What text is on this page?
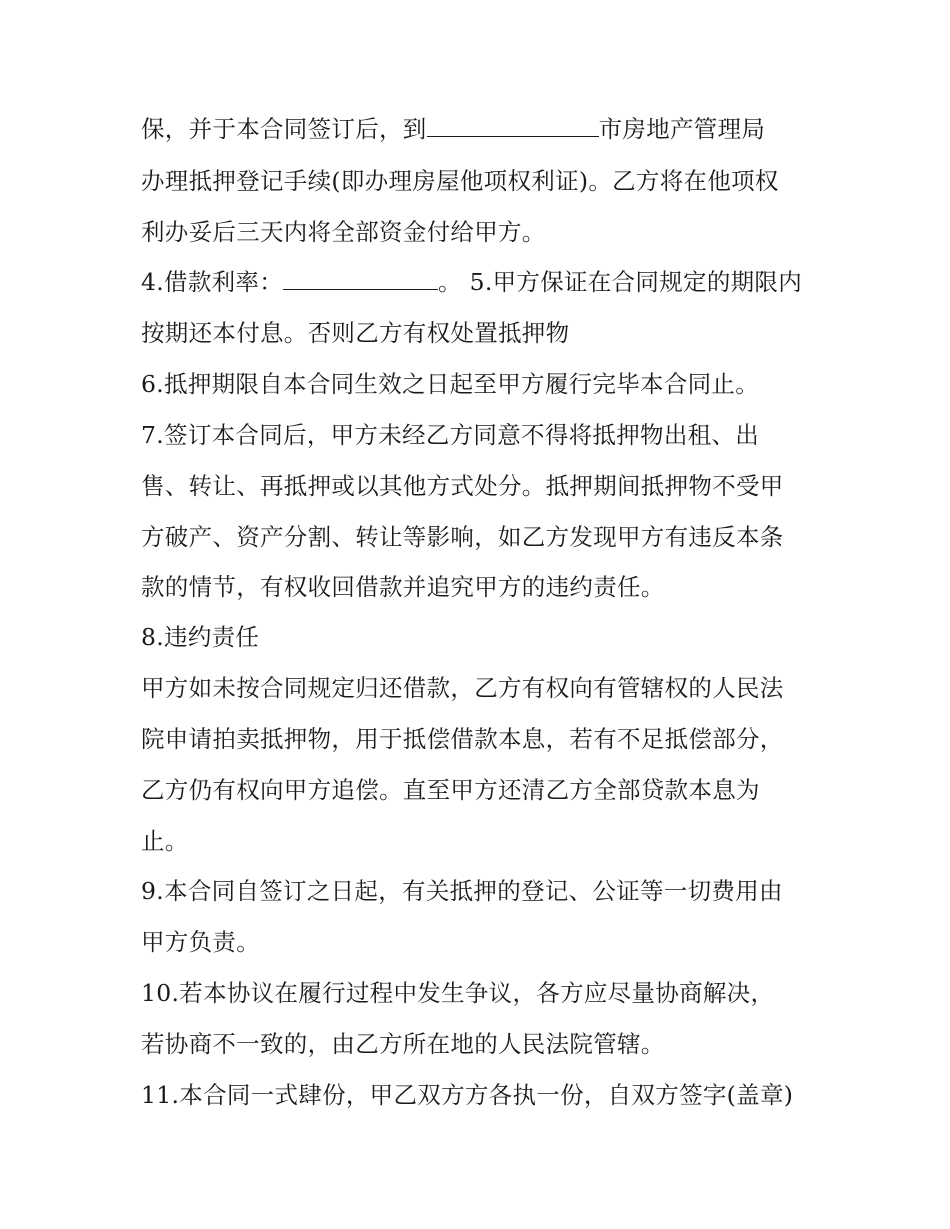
保，并于本合同签订后，到	市房地产管理局

办理抵押登记手续(即办理房屋他项权利证)。乙方将在他项权

利办妥后三天内将全部资金付给甲方。

4.借款利率：	。 5.甲方保证在合同规定的期限内

按期还本付息。否则乙方有权处置抵押物

6.抵押期限自本合同生效之日起至甲方履行完毕本合同止。

7.签订本合同后，甲方未经乙方同意不得将抵押物出租、出

售、转让、再抵押或以其他方式处分。抵押期间抵押物不受甲

方破产、资产分割、转让等影响，如乙方发现甲方有违反本条

款的情节，有权收回借款并追究甲方的违约责任。

8.违约责任

甲方如未按合同规定归还借款，乙方有权向有管辖权的人民法

院申请拍卖抵押物，用于抵偿借款本息，若有不足抵偿部分，

乙方仍有权向甲方追偿。直至甲方还清乙方全部贷款本息为

止。

9.本合同自签订之日起，有关抵押的登记、公证等一切费用由

甲方负责。

10.若本协议在履行过程中发生争议，各方应尽量协商解决，

若协商不一致的，由乙方所在地的人民法院管辖。

11.本合同一式肆份，甲乙双方方各执一份，自双方签字(盖章)
